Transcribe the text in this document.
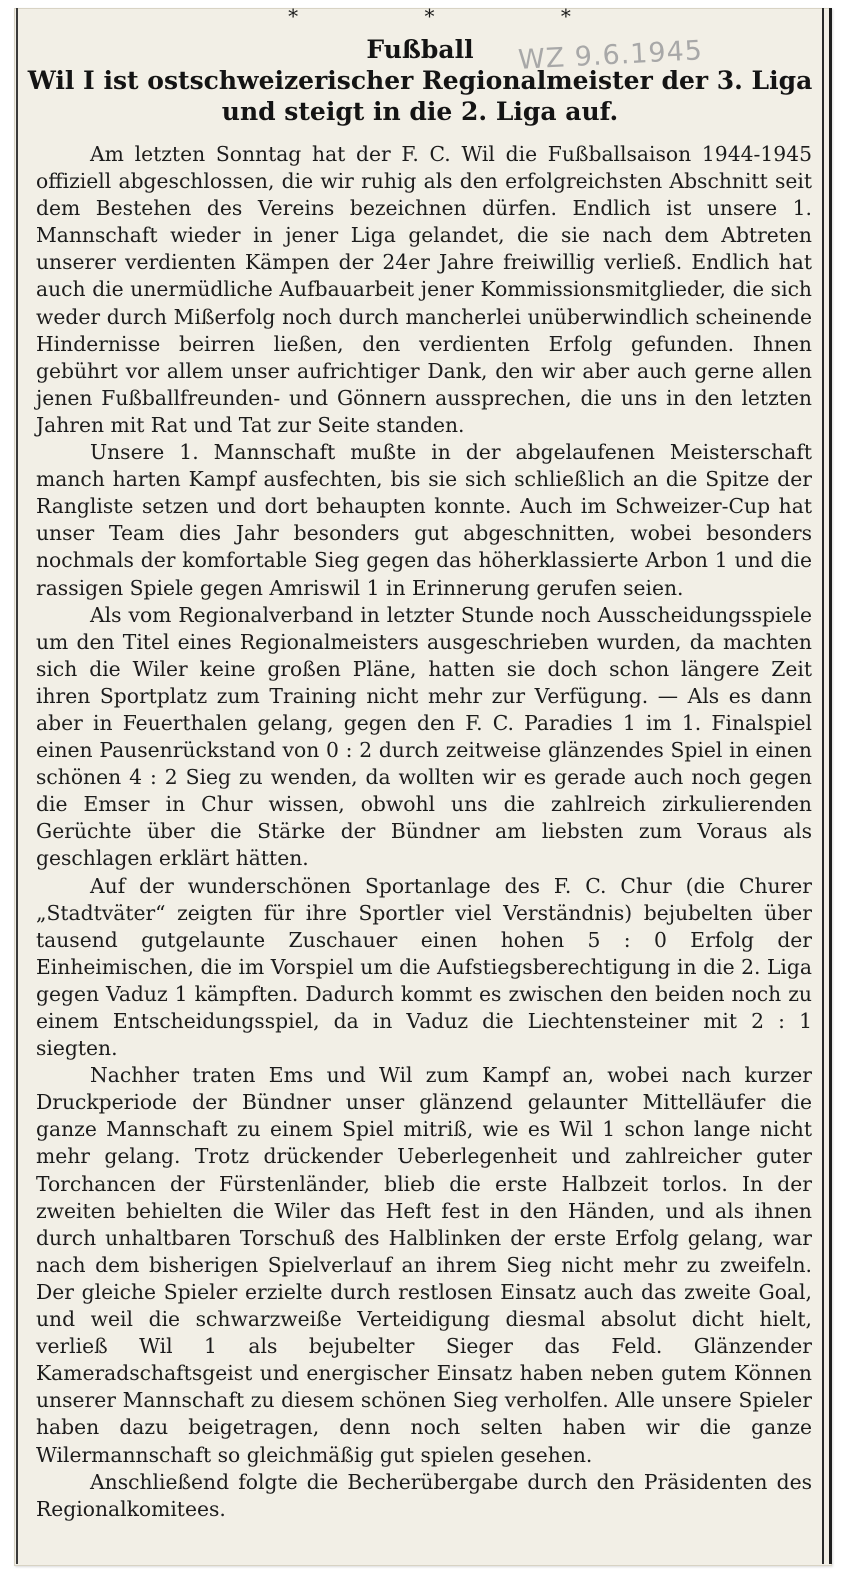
* * *
WZ 9.6.1945
Fußball
Wil I ist ostschweizerischer Regionalmeister der 3. Liga
und steigt in die 2. Liga auf.

Am letzten Sonntag hat der F. C. Wil die Fußballsaison 1944-1945 offiziell abgeschlossen, die wir ruhig als den erfolgreichsten Abschnitt seit dem Bestehen des Vereins bezeichnen dürfen. Endlich ist unsere 1. Mannschaft wieder in jener Liga gelandet, die sie nach dem Abtreten unserer verdienten Kämpen der 24er Jahre freiwillig verließ. Endlich hat auch die unermüdliche Aufbauarbeit jener Kommissionsmitglieder, die sich weder durch Mißerfolg noch durch mancherlei unüberwindlich scheinende Hindernisse beirren ließen, den verdienten Erfolg gefunden. Ihnen gebührt vor allem unser aufrichtiger Dank, den wir aber auch gerne allen jenen Fußballfreunden- und Gönnern aussprechen, die uns in den letzten Jahren mit Rat und Tat zur Seite standen.

Unsere 1. Mannschaft mußte in der abgelaufenen Meisterschaft manch harten Kampf ausfechten, bis sie sich schließlich an die Spitze der Rangliste setzen und dort behaupten konnte. Auch im Schweizer-Cup hat unser Team dies Jahr besonders gut abgeschnitten, wobei besonders nochmals der komfortable Sieg gegen das höherklassierte Arbon 1 und die rassigen Spiele gegen Amriswil 1 in Erinnerung gerufen seien.

Als vom Regionalverband in letzter Stunde noch Ausscheidungsspiele um den Titel eines Regionalmeisters ausgeschrieben wurden, da machten sich die Wiler keine großen Pläne, hatten sie doch schon längere Zeit ihren Sportplatz zum Training nicht mehr zur Verfügung. — Als es dann aber in Feuerthalen gelang, gegen den F. C. Paradies 1 im 1. Finalspiel einen Pausenrückstand von 0 : 2 durch zeitweise glänzendes Spiel in einen schönen 4 : 2 Sieg zu wenden, da wollten wir es gerade auch noch gegen die Emser in Chur wissen, obwohl uns die zahlreich zirkulierenden Gerüchte über die Stärke der Bündner am liebsten zum Voraus als geschlagen erklärt hätten.

Auf der wunderschönen Sportanlage des F. C. Chur (die Churer „Stadtväter“ zeigten für ihre Sportler viel Verständnis) bejubelten über tausend gutgelaunte Zuschauer einen hohen 5 : 0 Erfolg der Einheimischen, die im Vorspiel um die Aufstiegsberechtigung in die 2. Liga gegen Vaduz 1 kämpften. Dadurch kommt es zwischen den beiden noch zu einem Entscheidungsspiel, da in Vaduz die Liechtensteiner mit 2 : 1 siegten.

Nachher traten Ems und Wil zum Kampf an, wobei nach kurzer Druckperiode der Bündner unser glänzend gelaunter Mittelläufer die ganze Mannschaft zu einem Spiel mitriß, wie es Wil 1 schon lange nicht mehr gelang. Trotz drückender Ueberlegenheit und zahlreicher guter Torchancen der Fürstenländer, blieb die erste Halbzeit torlos. In der zweiten behielten die Wiler das Heft fest in den Händen, und als ihnen durch unhaltbaren Torschuß des Halblinken der erste Erfolg gelang, war nach dem bisherigen Spielverlauf an ihrem Sieg nicht mehr zu zweifeln. Der gleiche Spieler erzielte durch restlosen Einsatz auch das zweite Goal, und weil die schwarzweiße Verteidigung diesmal absolut dicht hielt, verließ Wil 1 als bejubelter Sieger das Feld. Glänzender Kameradschaftsgeist und energischer Einsatz haben neben gutem Können unserer Mannschaft zu diesem schönen Sieg verholfen. Alle unsere Spieler haben dazu beigetragen, denn noch selten haben wir die ganze Wilermannschaft so gleichmäßig gut spielen gesehen.

Anschließend folgte die Becherübergabe durch den Präsidenten des Regionalkomitees.
